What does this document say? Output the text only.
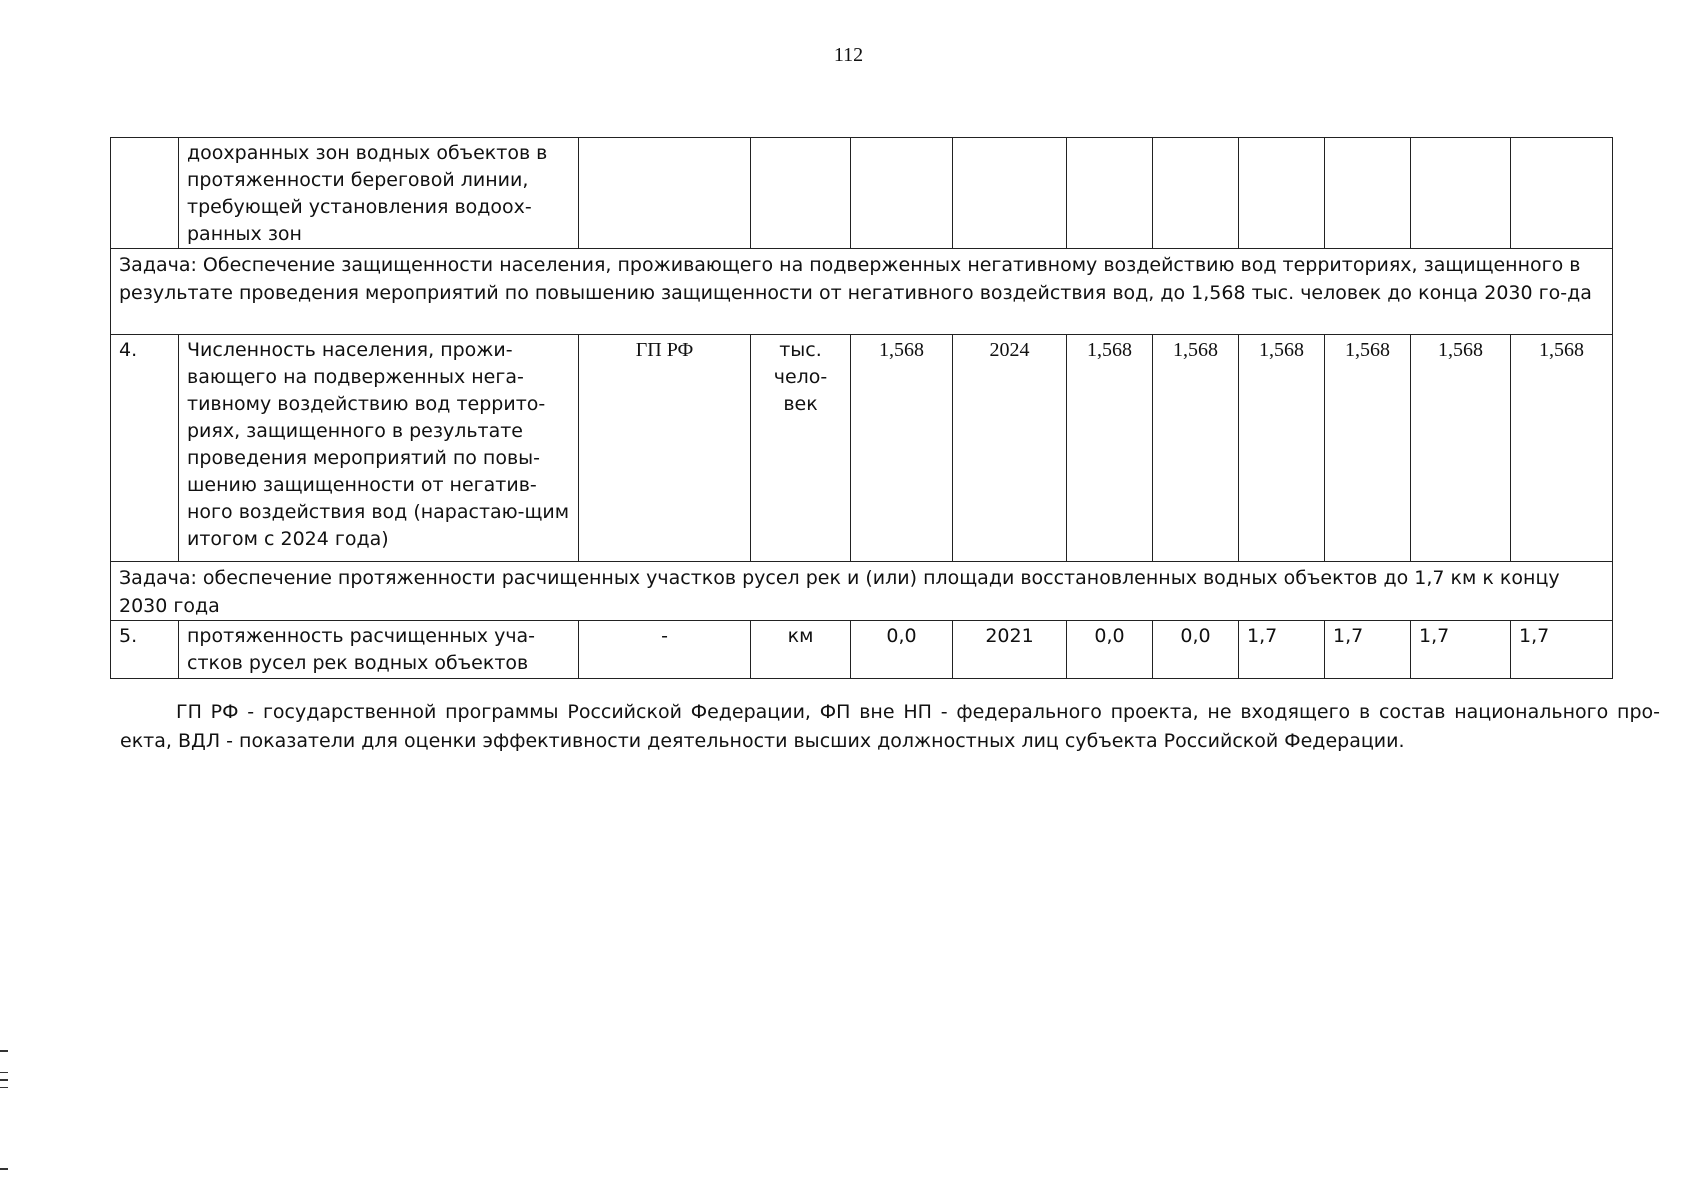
112
	доохранных зон водных объектов в протяженности береговой линии, требующей установления водоох-ранных зон										
Задача: Обеспечение защищенности населения, проживающего на подверженных негативному воздействию вод территориях, защищенного в результате проведения мероприятий по повышению защищенности от негативного воздействия вод, до 1,568 тыс. человек до конца 2030 го-да											
4.	Численность населения, прожи-вающего на подверженных нега-тивному воздействию вод террито-риях, защищенного в результате проведения мероприятий по повы-шению защищенности от негатив-ного воздействия вод (нарастаю-щим итогом с 2024 года)	ГП РФ	тыс. чело-век	1,568	2024	1,568	1,568	1,568	1,568	1,568	1,568
Задача: обеспечение протяженности расчищенных участков русел рек и (или) площади восстановленных водных объектов до 1,7 км к концу 2030 года											
5.	протяженность расчищенных уча-стков русел рек водных объектов	-	км	0,0	2021	0,0	0,0	1,7	1,7	1,7	1,7
ГП РФ - государственной программы Российской Федерации, ФП вне НП - федерального проекта, не входящего в состав национального про-екта, ВДЛ - показатели для оценки эффективности деятельности высших должностных лиц субъекта Российской Федерации.
